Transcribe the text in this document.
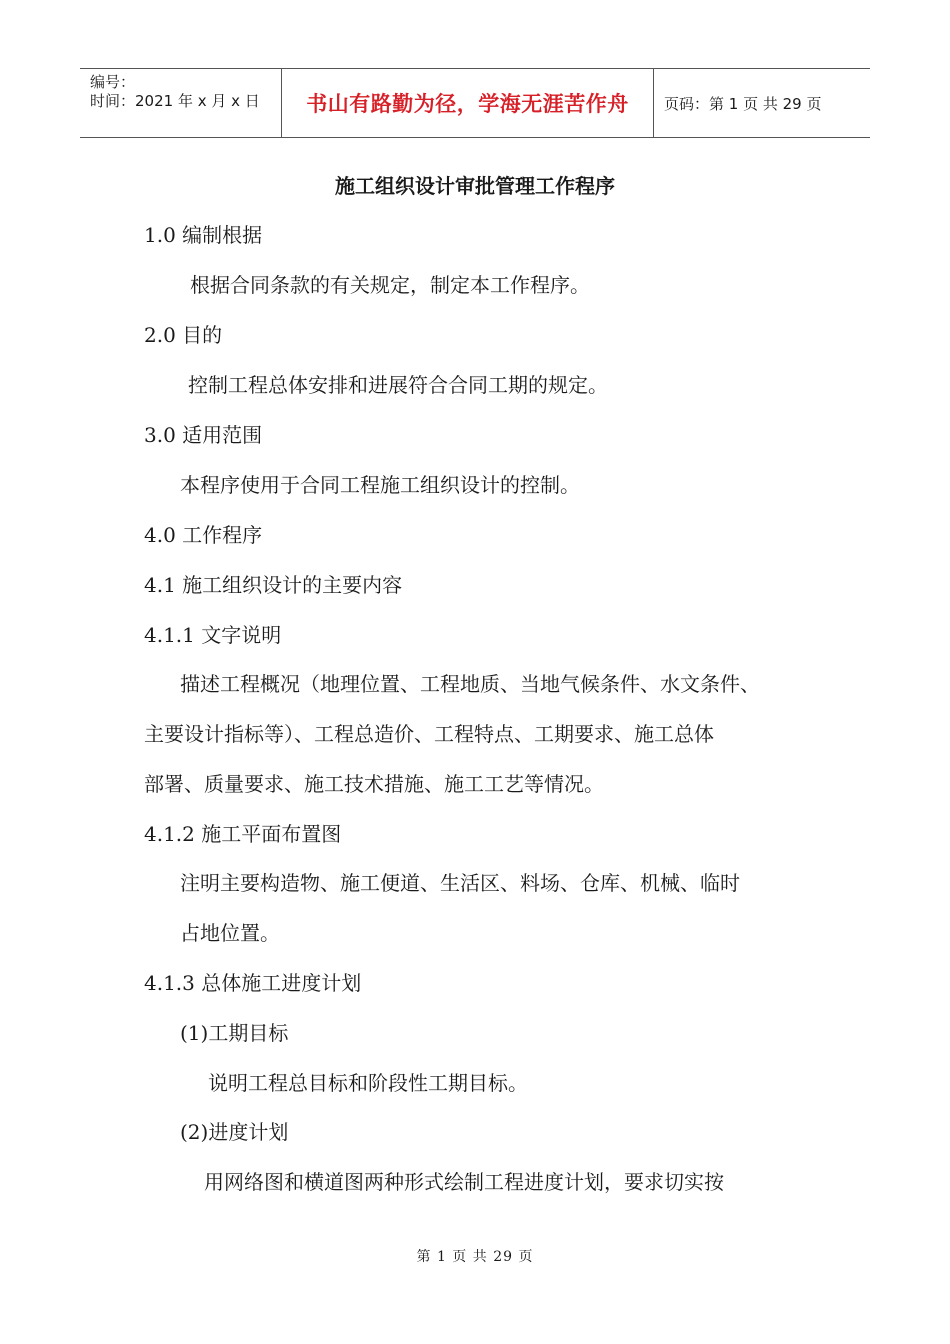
编号：
时间：2021 年 x 月 x 日	书山有路勤为径，学海无涯苦作舟	页码：第 1 页 共 29 页
施工组织设计审批管理工作程序
1.0 编制根据
根据合同条款的有关规定，制定本工作程序。
2.0 目的
控制工程总体安排和进展符合合同工期的规定。
3.0 适用范围
本程序使用于合同工程施工组织设计的控制。
4.0 工作程序
4.1 施工组织设计的主要内容
4.1.1 文字说明
描述工程概况（地理位置、工程地质、当地气候条件、水文条件、
主要设计指标等）、工程总造价、工程特点、工期要求、施工总体
部署、质量要求、施工技术措施、施工工艺等情况。
4.1.2 施工平面布置图
注明主要构造物、施工便道、生活区、料场、仓库、机械、临时
占地位置。
4.1.3 总体施工进度计划
(1)工期目标
说明工程总目标和阶段性工期目标。
(2)进度计划
用网络图和横道图两种形式绘制工程进度计划，要求切实按
第 1 页 共 29 页
